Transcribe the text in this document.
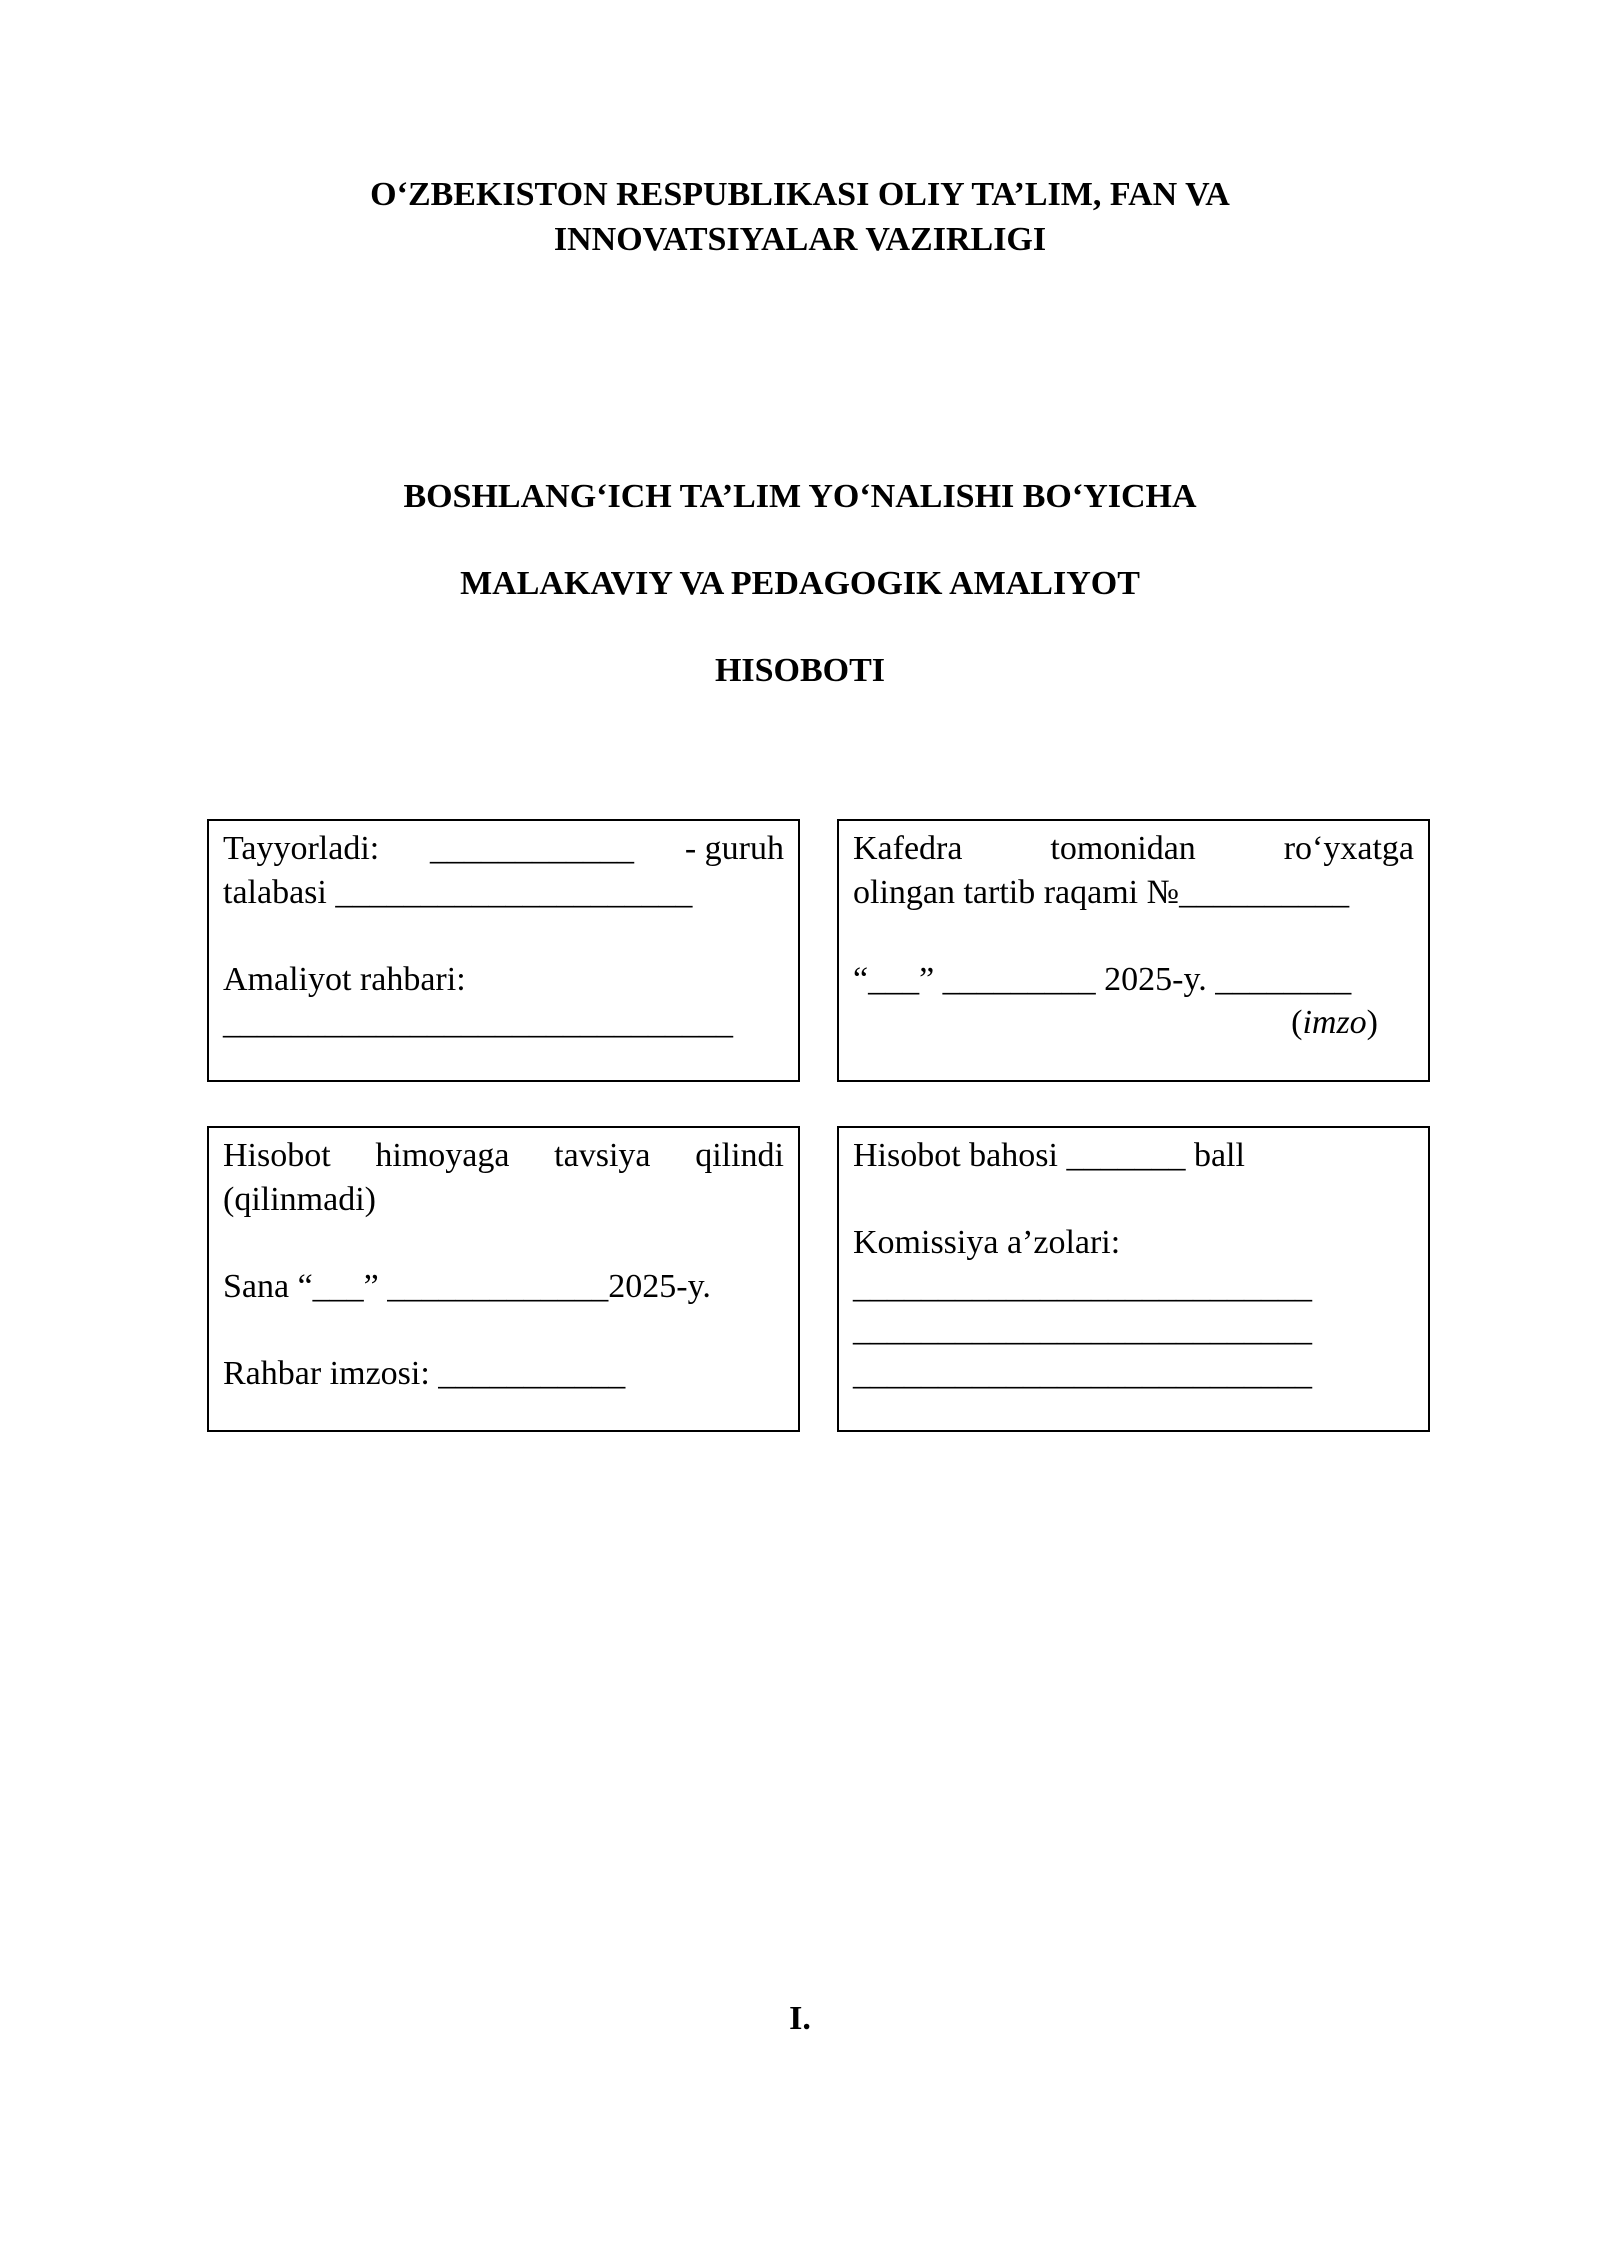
O‘ZBEKISTON RESPUBLIKASI OLIY TA’LIM, FAN VA
INNOVATSIYALAR VAZIRLIGI
BOSHLANG‘ICH TA’LIM YO‘NALISHI BO‘YICHA
MALAKAVIY VA PEDAGOGIK AMALIYOT
HISOBOTI
Tayyorladi: ____________ - guruh
talabasi _____________________
Amaliyot rahbari:
______________________________
Kafedra	tomonidan	ro‘yxatga
olingan tartib raqami №__________
“___” _________ 2025-y. ________
(imzo)
Hisobot himoyaga tavsiya qilindi
(qilinmadi)
Sana “___” _____________2025-y.
Rahbar imzosi: ___________
Hisobot bahosi _______ ball
Komissiya a’zolari:
___________________________
___________________________
___________________________
I.
